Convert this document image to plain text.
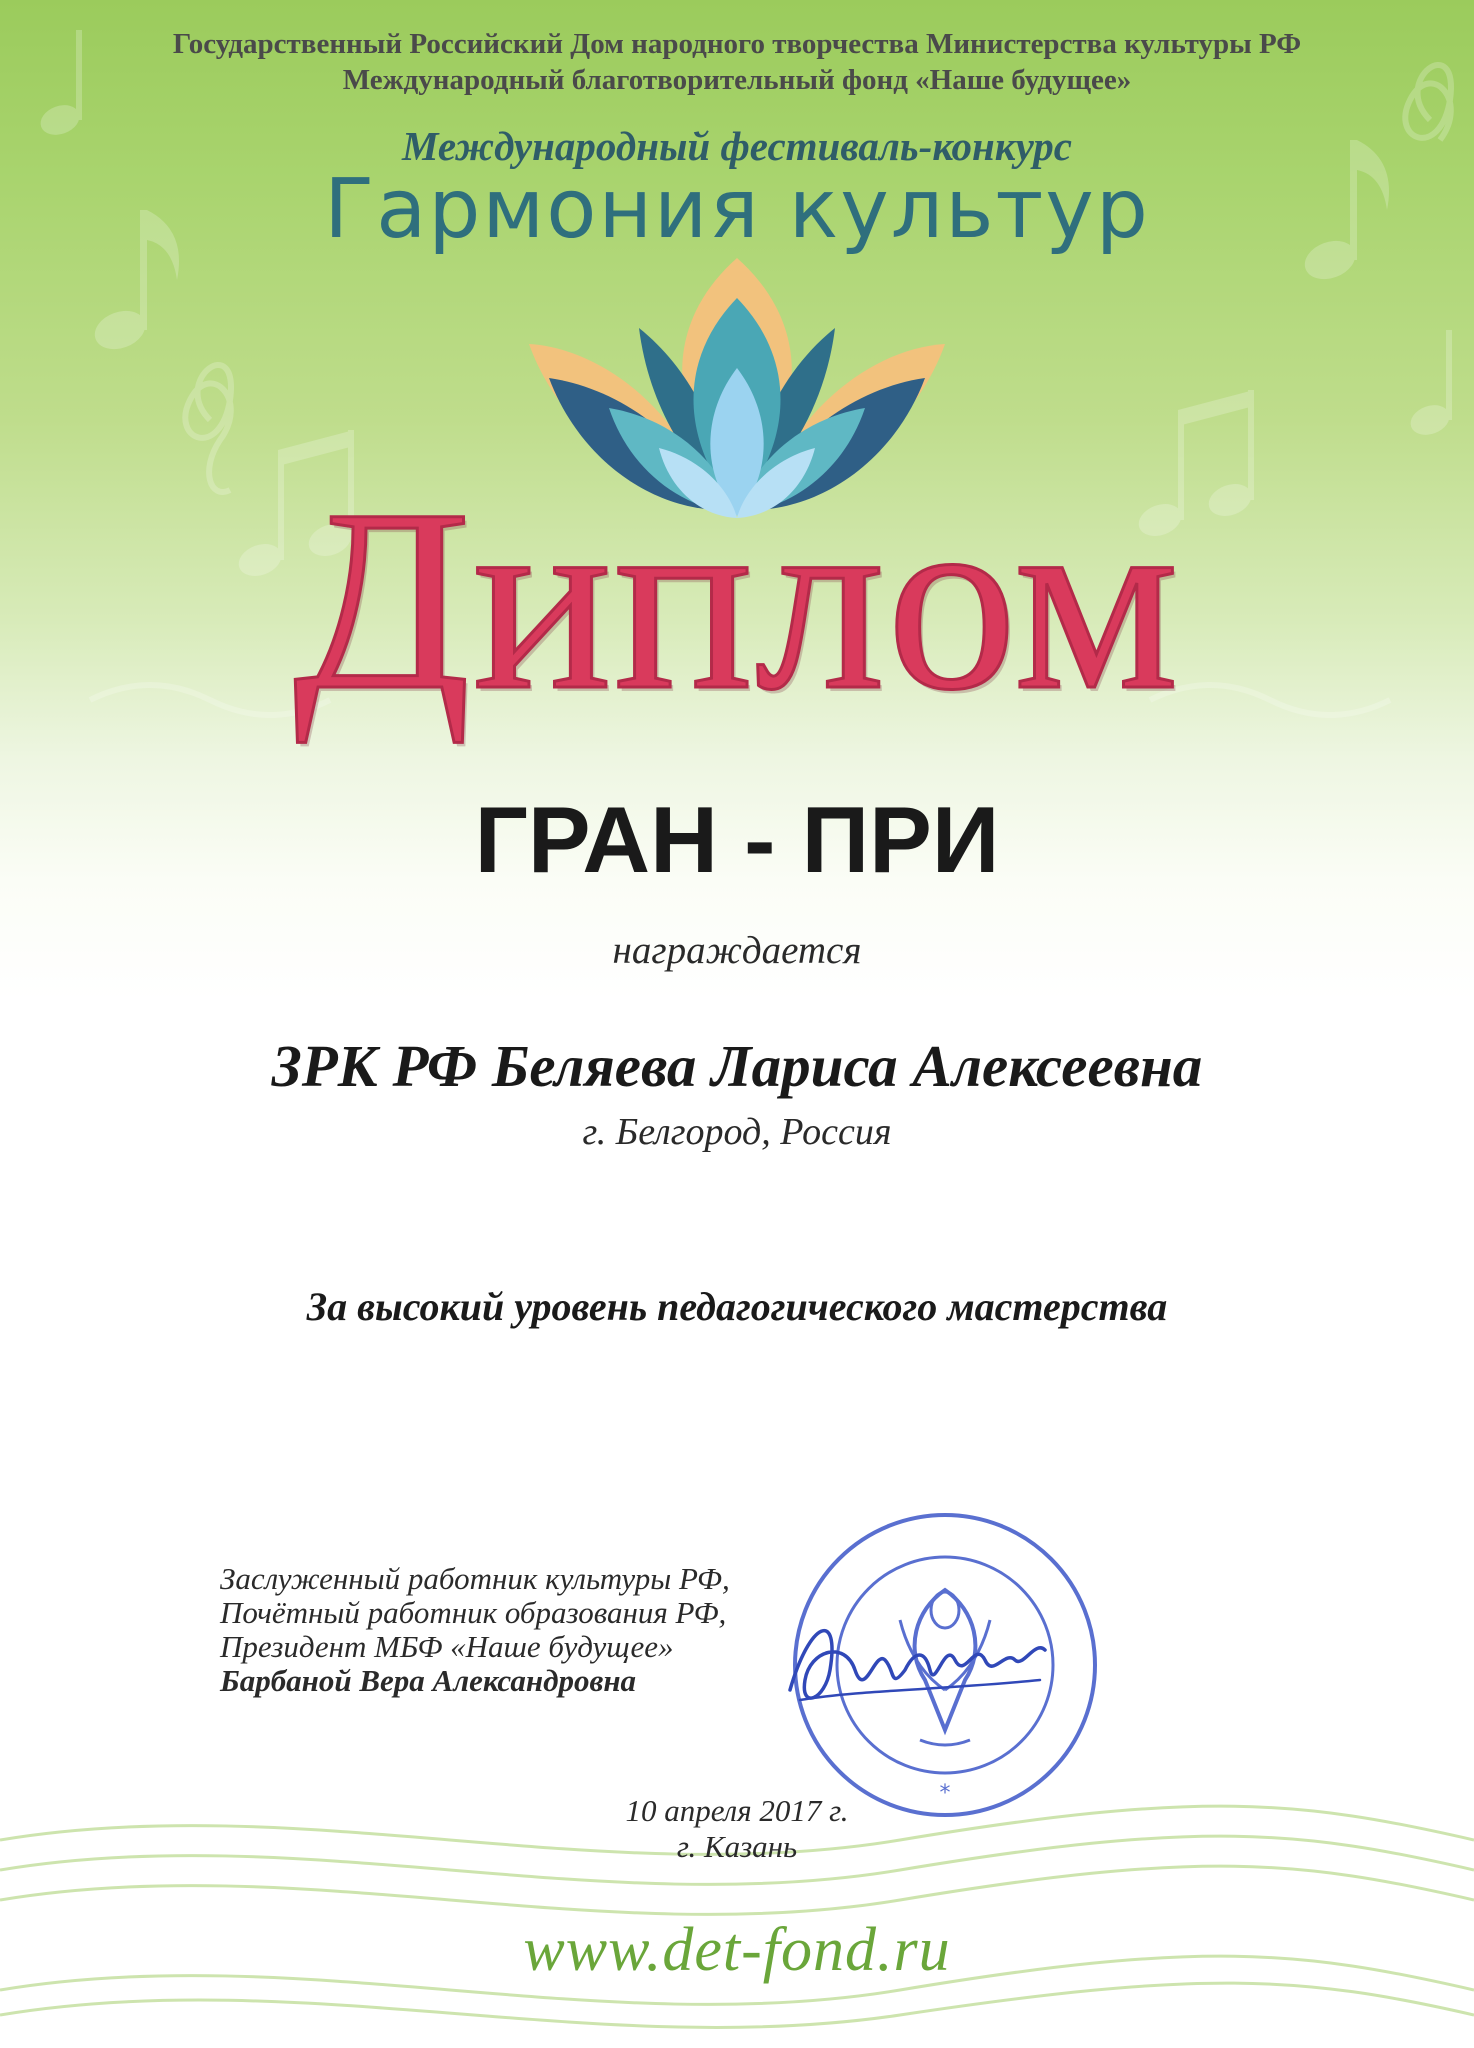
Государственный Российский Дом народного творчества Министерства культуры РФ

Международный благотворительный фонд «Наше будущее»

Международный фестиваль-конкурс

Гармония культур

Диплом

ГРАН - ПРИ

награждается

ЗРК РФ Беляева Лариса Алексеевна

г. Белгород, Россия

За высокий уровень педагогического мастерства

Заслуженный работник культуры РФ,
Почётный работник образования РФ,
Президент МБФ «Наше будущее»
Барбаной Вера Александровна
*

10 апреля 2017 г.

г. Казань

www.det-fond.ru
